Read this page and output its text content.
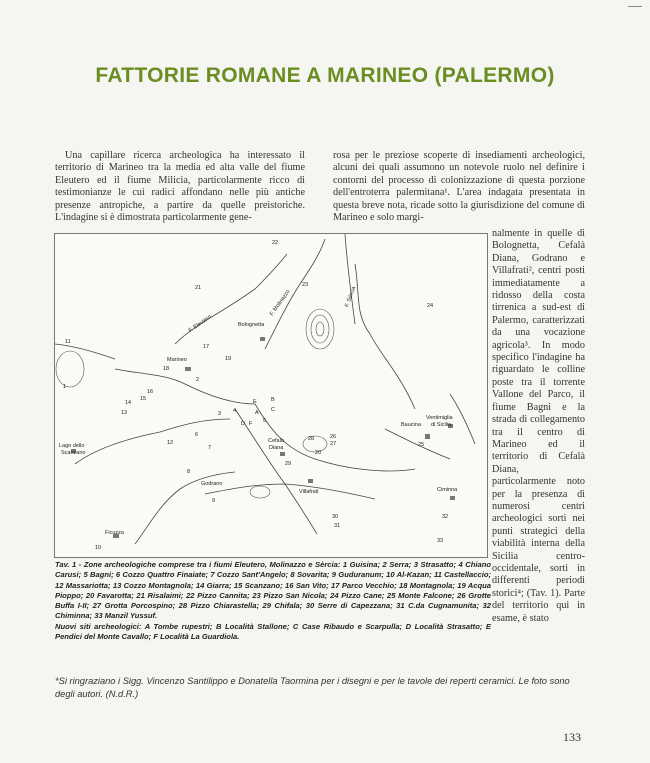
FATTORIE ROMANE A MARINEO (PALERMO)

Una capillare ricerca archeologica ha interessato il territorio di Marineo tra la media ed alta valle del fiume Eleutero ed il fiume Milicia, particolarmente ricco di testimonianze le cui radici affondano nelle più antiche presenze antropiche, a partire da quelle preistoriche. L'indagine si è dimostrata particolarmente gene-

rosa per le preziose scoperte di insediamenti archeologici, alcuni dei quali assumono un notevole ruolo nel definire i contorni del processo di colonizzazione di questa porzione dell'entroterra palermitana¹. L'area indagata presentata in questa breve nota, ricade sotto la giurisdizione del comune di Marineo e solo margi-

nalmente in quelle di Bolognetta, Cefalà Diana, Godrano e Villafrati², centri posti immediatamente a ridosso della costa tirrenica a sud-est di Palermo, caratterizzati da una vocazione agricola³. In modo specifico l'indagine ha riguardato le colline poste tra il torrente Vallone del Parco, il fiume Bagni e la strada di collegamento tra il centro di Marineo ed il territorio di Cefalà Diana, particolarmente noto per la presenza di numerosi centri archeologici sorti nei punti strategici della viabilità interna della Sicilia centro-occidentale, sorti in differenti periodi storici⁴; (Tav. 1). Parte del territorio qui in esame, è stato

22
21	23
24
F. Eleutero
F. Molinazzo	F. Sèrcia
Bolognetta
11
1
Marineo
18
2
17
19
16
14
15
13
12
6
3 4
E	B
A C
D F 5
7
Cefalà
Diana
26
27
20
28
29
Baucina
25
Ventimiglia
di Sicilia
Lago dello
Scanzano
Godrano
9
8
Villafrati	Ciminna
32
33
30
31
Ficuzza
10
Tav. 1 - Zone archeologiche comprese tra i fiumi Eleutero, Molinazzo e Sèrcia: 1 Guisina; 2 Serra; 3 Strasatto; 4 Chiano Carusi; 5 Bagni; 6 Cozzo Quattro Finaiate; 7 Cozzo Sant'Angelo; 8 Sovarita; 9 Guduranum; 10 Al-Kazan; 11 Castellaccio; 12 Massariotta; 13 Cozzo Montagnola; 14 Giarra; 15 Scanzano; 16 San Vito; 17 Parco Vecchio; 18 Montagnola; 19 Acqua Pioppo; 20 Favarotta; 21 Risalaimi; 22 Pizzo Cannita; 23 Pizzo San Nicola; 24 Pizzo Cane; 25 Monte Falcone; 26 Grotte Buffa I-II; 27 Grotta Porcospino; 28 Pizzo Chiarastella; 29 Chifala; 30 Serre di Capezzana; 31 C.da Cugnamunita; 32 Chiminna; 33 Manzil Yussuf.
Nuovi siti archeologici: A Tombe rupestri; B Località Stallone; C Case Ribaudo e Scarpulla; D Località Strasatto; E Pendici del Monte Cavallo; F Località La Guardiola.
*Si ringraziano i Sigg. Vincenzo Santilippo e Donatella Taormina per i disegni e per le tavole dei reperti ceramici. Le foto sono degli autori. (N.d.R.)
133
